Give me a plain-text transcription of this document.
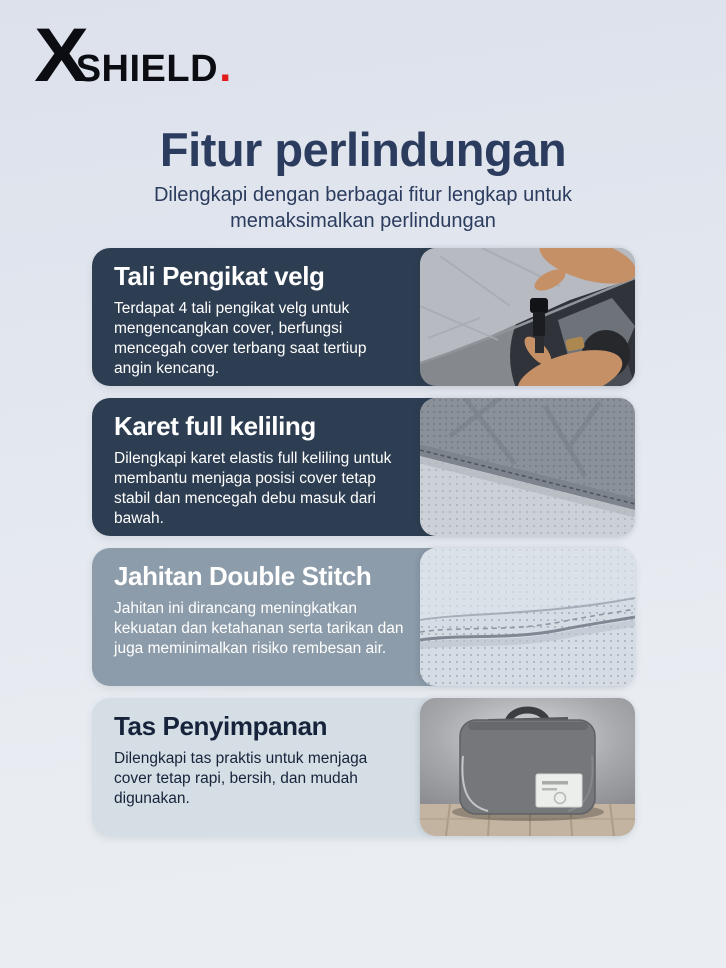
X
SHIELD .
Fitur perlindungan

Dilengkapi dengan berbagai fitur lengkap untuk memaksimalkan perlindungan

Tali Pengikat velg

Terdapat 4 tali pengikat velg untuk mengencangkan cover, berfungsi mencegah cover terbang saat tertiup angin kencang.

Karet full keliling

Dilengkapi karet elastis full keliling untuk membantu menjaga posisi cover tetap stabil dan mencegah debu masuk dari bawah.

Jahitan Double Stitch

Jahitan ini dirancang meningkatkan kekuatan dan ketahanan serta tarikan dan juga meminimalkan risiko rembesan air.

Tas Penyimpanan

Dilengkapi tas praktis untuk menjaga cover tetap rapi, bersih, dan mudah digunakan.
